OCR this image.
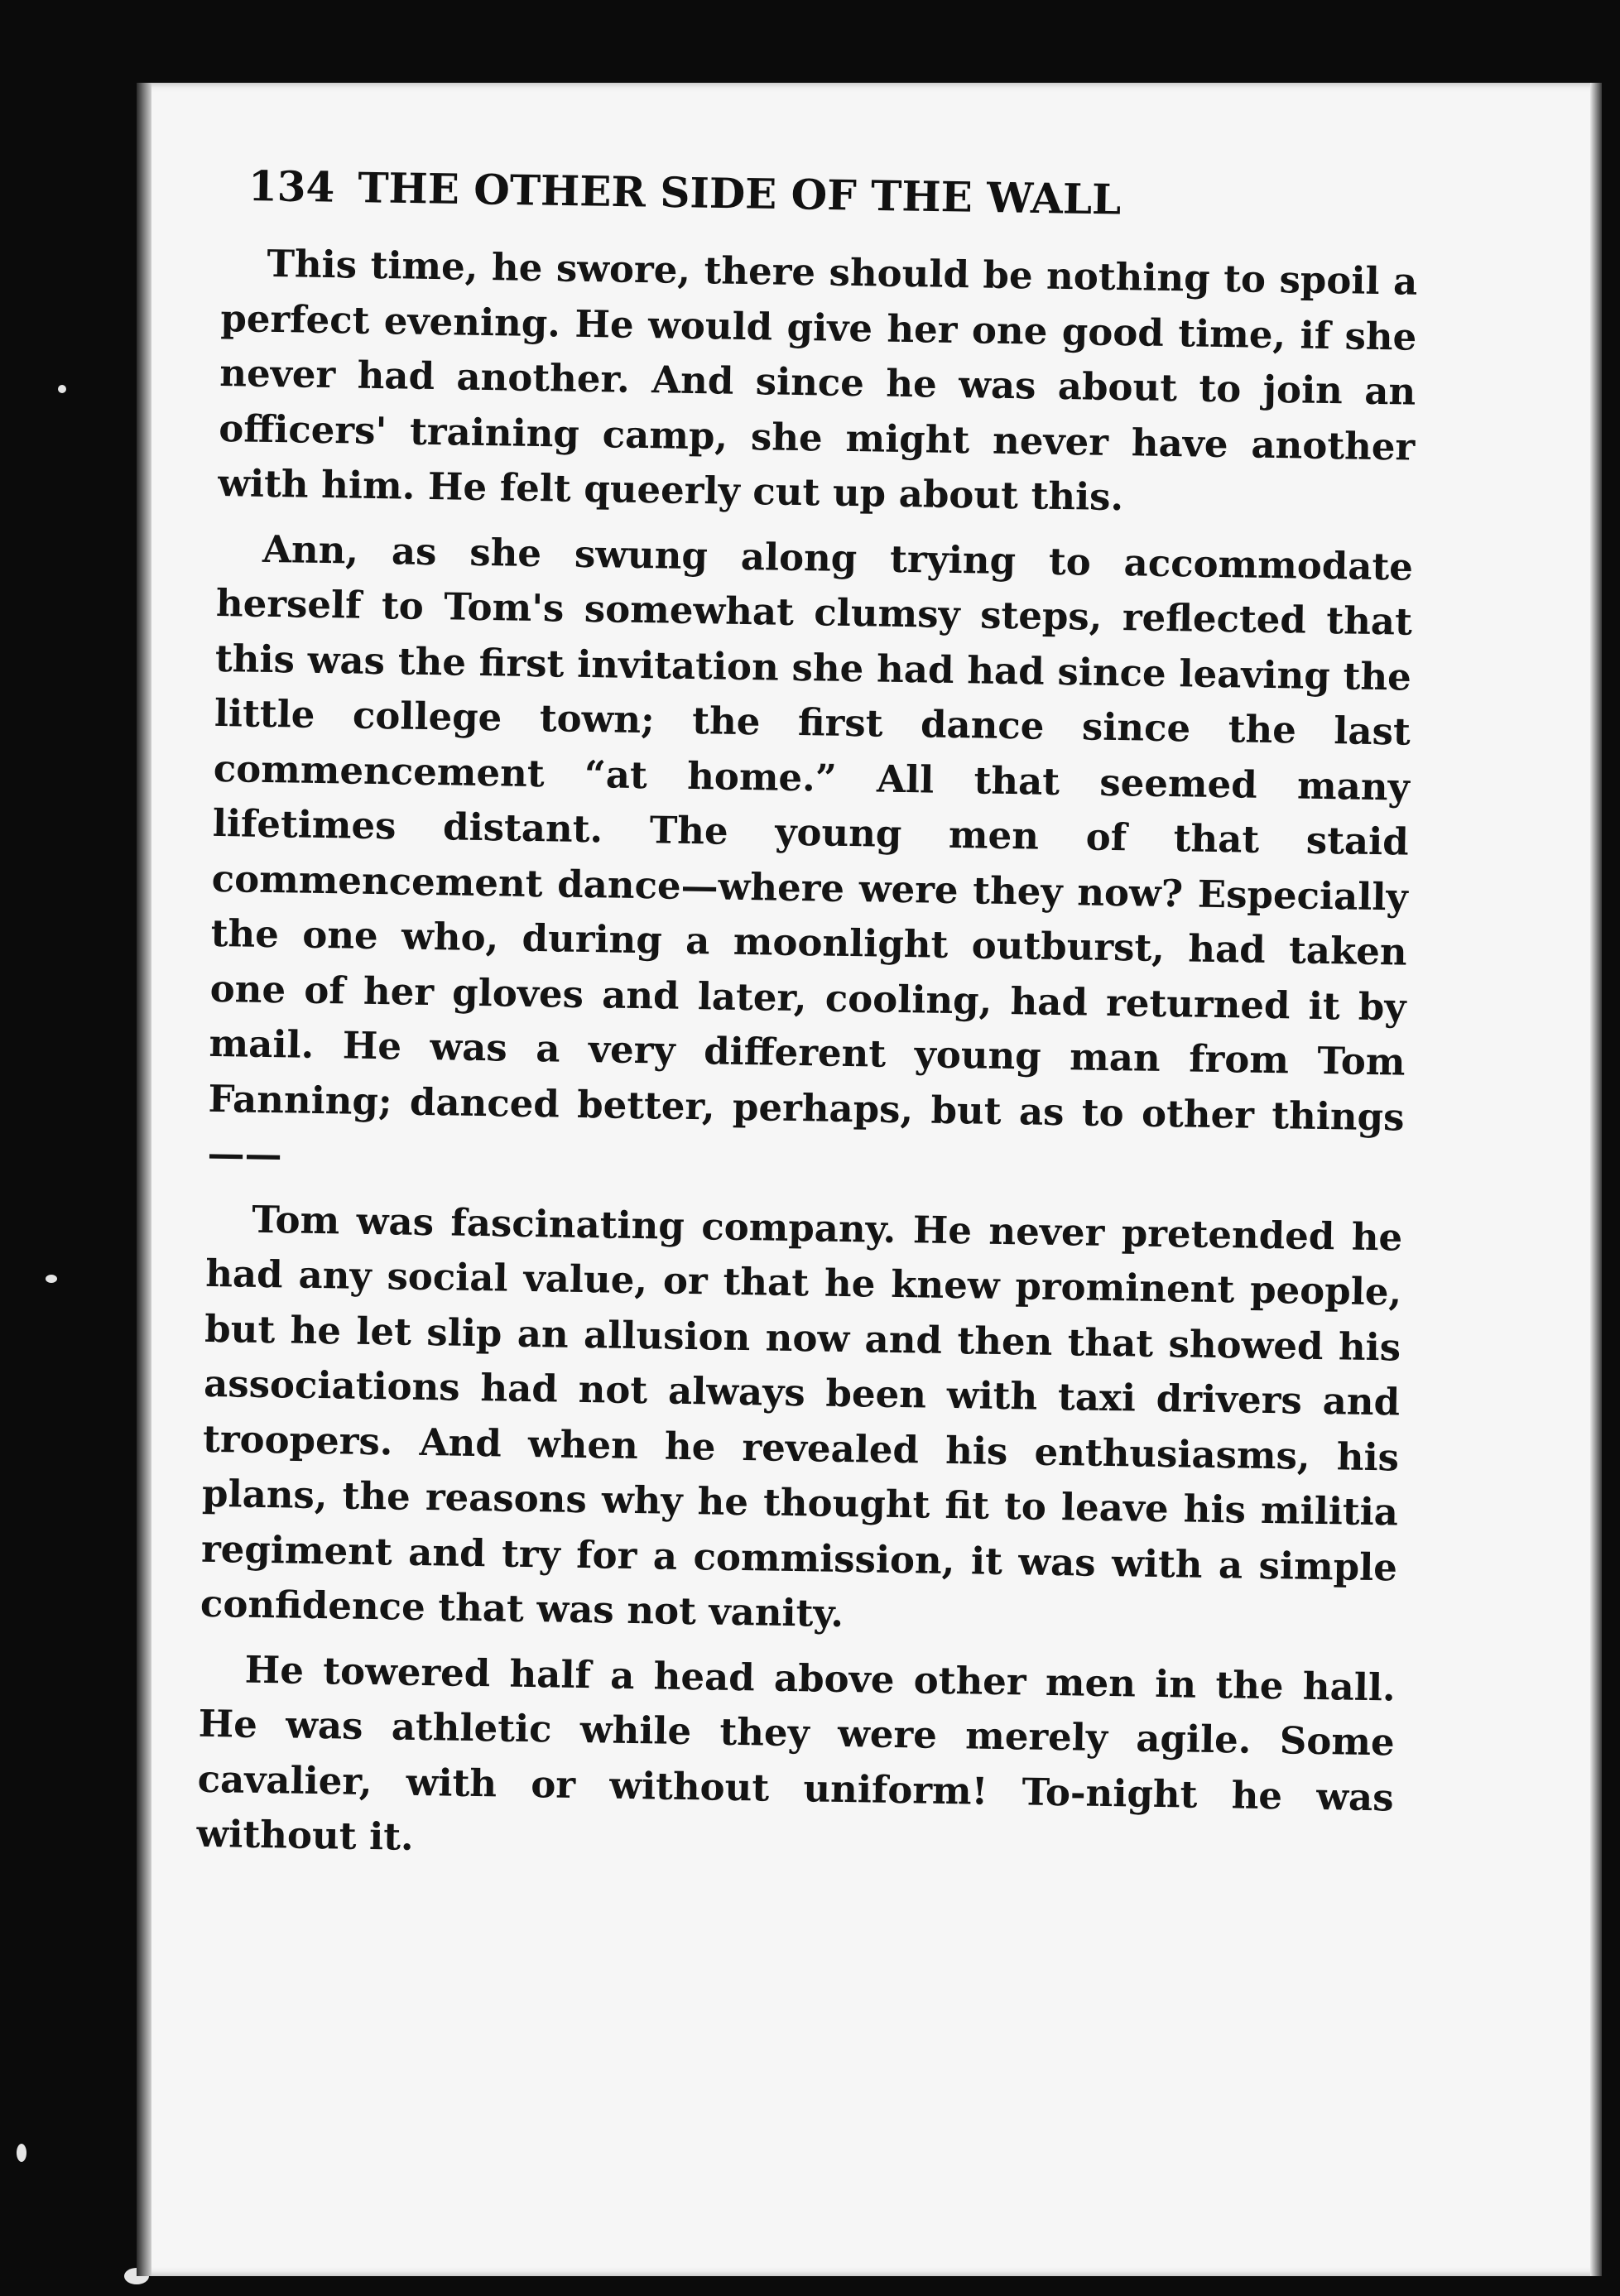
134 THE OTHER SIDE OF THE WALL

This time, he swore, there should be nothing to spoil a perfect evening. He would give her one good time, if she never had another. And since he was about to join an officers' training camp, she might never have another with him. He felt queerly cut up about this.

Ann, as she swung along trying to accommodate herself to Tom's somewhat clumsy steps, reflected that this was the first invitation she had had since leaving the little college town; the first dance since the last commencement “at home.” All that seemed many lifetimes distant. The young men of that staid commencement dance—where were they now? Especially the one who, during a moonlight outburst, had taken one of her gloves and later, cooling, had returned it by mail. He was a very different young man from Tom Fanning; danced better, perhaps, but as to other things——

Tom was fascinating company. He never pretended he had any social value, or that he knew prominent people, but he let slip an allusion now and then that showed his associations had not always been with taxi drivers and troopers. And when he revealed his enthusiasms, his plans, the reasons why he thought fit to leave his militia regiment and try for a commission, it was with a simple confidence that was not vanity.

He towered half a head above other men in the hall. He was athletic while they were merely agile. Some cavalier, with or without uniform! To-night he was without it.
